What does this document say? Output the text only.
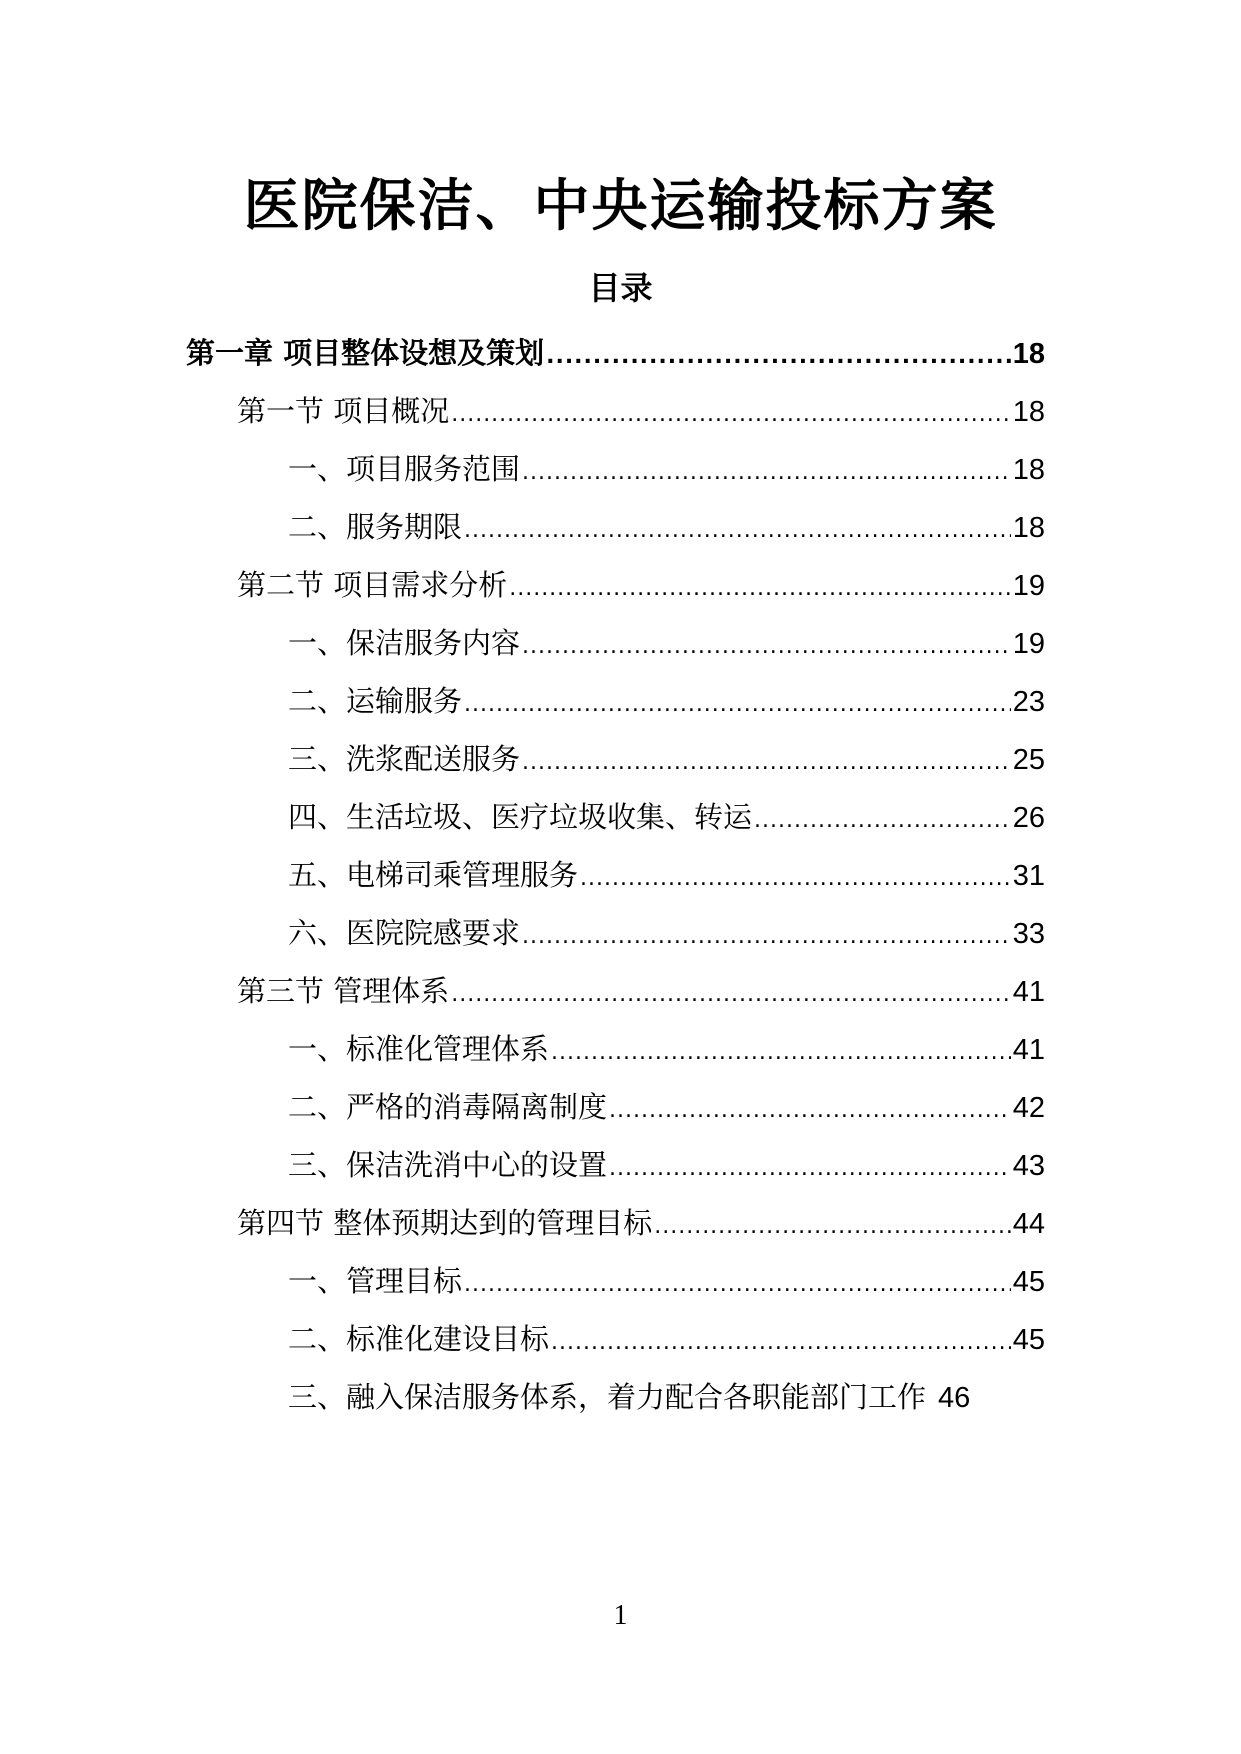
医院保洁、中央运输投标方案
目录
第一章 项目整体设想及策划 .....	18
第一节 项目概况 .....	18
一、项目服务范围 .....	18
二、服务期限 .....	18
第二节 项目需求分析 .....	19
一、保洁服务内容 .....	19
二、运输服务 .....	23
三、洗浆配送服务 .....	25
四、生活垃圾、医疗垃圾收集、转运 .....	26
五、电梯司乘管理服务 .....	31
六、医院院感要求 .....	33
第三节 管理体系 .....	41
一、标准化管理体系 .....	41
二、严格的消毒隔离制度 .....	42
三、保洁洗消中心的设置 .....	43
第四节 整体预期达到的管理目标 .....	44
一、管理目标 .....	45
二、标准化建设目标 .....	45
三、融入保洁服务体系，着力配合各职能部门工作 46
1
